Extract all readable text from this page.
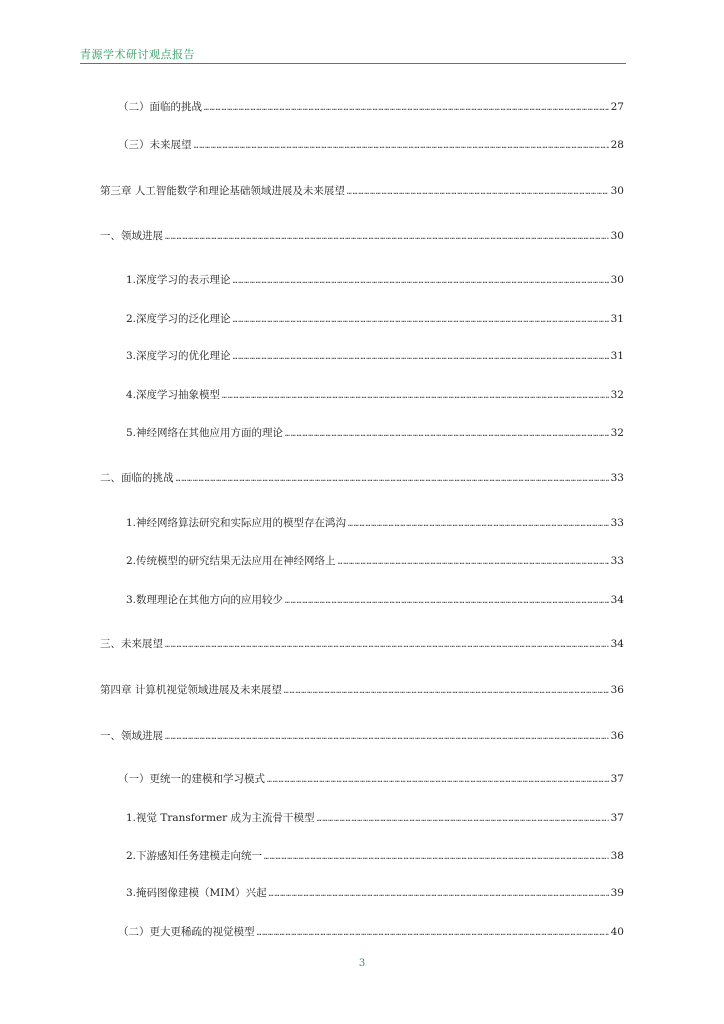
青源学术研讨观点报告
（二）面临的挑战 …………………………………………………………………………………………………………………………………………………………………………………………………………………………………………………………………………………………………………	27
（三）未来展望 …………………………………………………………………………………………………………………………………………………………………………………………………………………………………………………………………………………………………………	28
第三章 人工智能数学和理论基础领域进展及未来展望 …………………………………………………………………………………………………………………………………………………………………………………………………………………………………………………………………………………………………………	30
一、领域进展 …………………………………………………………………………………………………………………………………………………………………………………………………………………………………………………………………………………………………………	30
1.深度学习的表示理论 …………………………………………………………………………………………………………………………………………………………………………………………………………………………………………………………………………………………………………	30
2.深度学习的泛化理论 …………………………………………………………………………………………………………………………………………………………………………………………………………………………………………………………………………………………………………	31
3.深度学习的优化理论 …………………………………………………………………………………………………………………………………………………………………………………………………………………………………………………………………………………………………………	31
4.深度学习抽象模型 …………………………………………………………………………………………………………………………………………………………………………………………………………………………………………………………………………………………………………	32
5.神经网络在其他应用方面的理论 …………………………………………………………………………………………………………………………………………………………………………………………………………………………………………………………………………………………………………	32
二、面临的挑战 …………………………………………………………………………………………………………………………………………………………………………………………………………………………………………………………………………………………………………	33
1.神经网络算法研究和实际应用的模型存在鸿沟 …………………………………………………………………………………………………………………………………………………………………………………………………………………………………………………………………………………………………………	33
2.传统模型的研究结果无法应用在神经网络上 …………………………………………………………………………………………………………………………………………………………………………………………………………………………………………………………………………………………………………	33
3.数理理论在其他方向的应用较少 …………………………………………………………………………………………………………………………………………………………………………………………………………………………………………………………………………………………………………	34
三、未来展望 …………………………………………………………………………………………………………………………………………………………………………………………………………………………………………………………………………………………………………	34
第四章 计算机视觉领域进展及未来展望 …………………………………………………………………………………………………………………………………………………………………………………………………………………………………………………………………………………………………………	36
一、领域进展 …………………………………………………………………………………………………………………………………………………………………………………………………………………………………………………………………………………………………………	36
（一）更统一的建模和学习模式 …………………………………………………………………………………………………………………………………………………………………………………………………………………………………………………………………………………………………………	37
1.视觉 Transformer 成为主流骨干模型 …………………………………………………………………………………………………………………………………………………………………………………………………………………………………………………………………………………………………………	37
2.下游感知任务建模走向统一 …………………………………………………………………………………………………………………………………………………………………………………………………………………………………………………………………………………………………………	38
3.掩码图像建模（MIM）兴起 …………………………………………………………………………………………………………………………………………………………………………………………………………………………………………………………………………………………………………	39
（二）更大更稀疏的视觉模型 …………………………………………………………………………………………………………………………………………………………………………………………………………………………………………………………………………………………………………	40
3
